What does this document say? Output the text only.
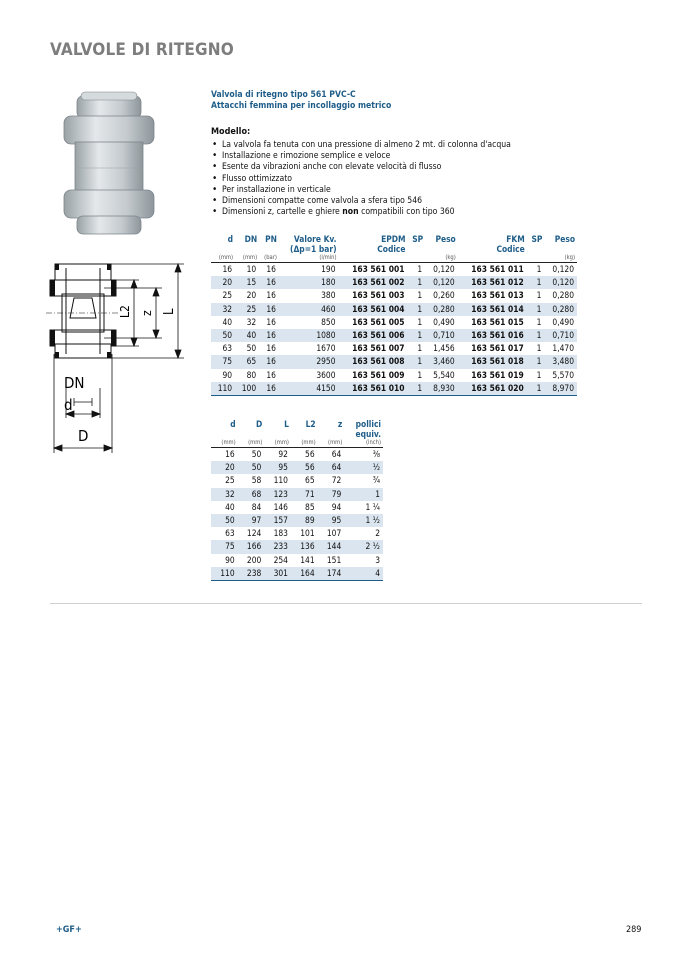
VALVOLE DI RITEGNO
DN
d
D
L2 z L
Valvola di ritegno tipo 561 PVC-C
Attacchi femmina per incollaggio metrico
Modello:
• La valvola fa tenuta con una pressione di almeno 2 mt. di colonna d'acqua
• Installazione e rimozione semplice e veloce
• Esente da vibrazioni anche con elevate velocità di flusso
• Flusso ottimizzato
• Per installazione in verticale
• Dimensioni compatte come valvola a sfera tipo 546
• Dimensioni z, cartelle e ghiere non compatibili con tipo 360
d	DN	PN	Valore Kv.	EPDM	SP	Peso	FKM	SP	Peso
			(Δp=1 bar)	Codice			Codice		
(mm)	(mm)	(bar)	(l/min)			(kg)			(kg)
16	10	16	190	163 561 001	1	0,120	163 561 011	1	0,120
20	15	16	180	163 561 002	1	0,120	163 561 012	1	0,120
25	20	16	380	163 561 003	1	0,260	163 561 013	1	0,280
32	25	16	460	163 561 004	1	0,280	163 561 014	1	0,280
40	32	16	850	163 561 005	1	0,490	163 561 015	1	0,490
50	40	16	1080	163 561 006	1	0,710	163 561 016	1	0,710
63	50	16	1670	163 561 007	1	1,456	163 561 017	1	1,470
75	65	16	2950	163 561 008	1	3,460	163 561 018	1	3,480
90	80	16	3600	163 561 009	1	5,540	163 561 019	1	5,570
110	100	16	4150	163 561 010	1	8,930	163 561 020	1	8,970
d	D	L	L2	z	pollici
					equiv.
(mm)	(mm)	(mm)	(mm)	(mm)	(inch)
16	50	92	56	64	⅜
20	50	95	56	64	½
25	58	110	65	72	¾
32	68	123	71	79	1
40	84	146	85	94	1 ¼
50	97	157	89	95	1 ½
63	124	183	101	107	2
75	166	233	136	144	2 ½
90	200	254	141	151	3
110	238	301	164	174	4
+GF+	289
